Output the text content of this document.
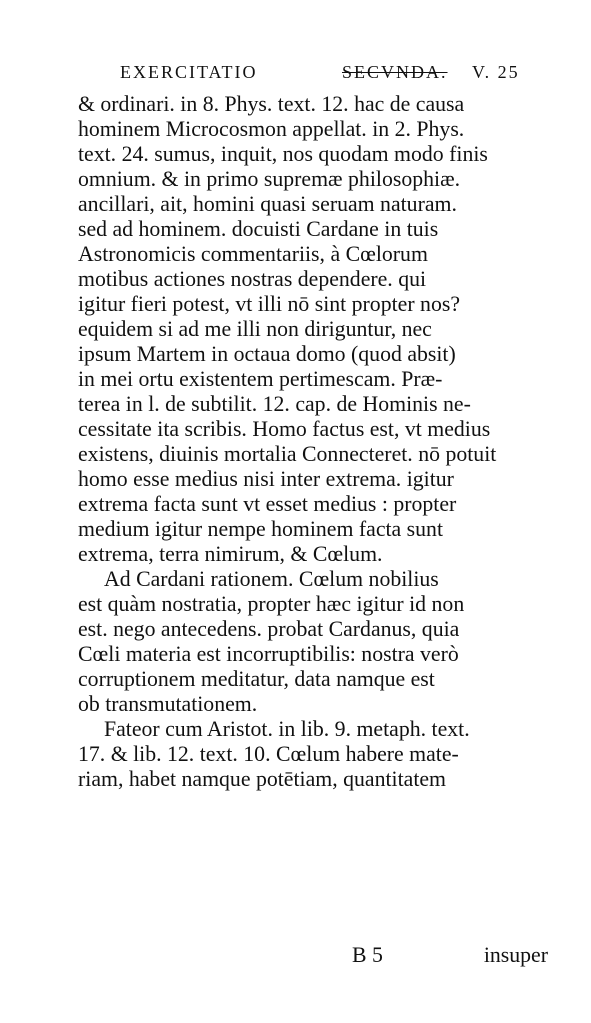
EXERCITATIO	SECVNDA. V. 25
& ordinari. in 8. Phys. text. 12. hac de causa
hominem Microcosmon appellat. in 2. Phys.
text. 24. sumus, inquit, nos quodam modo finis
omnium. & in primo supremæ philosophiæ.
ancillari, ait, homini quasi seruam naturam.
sed ad hominem. docuisti Cardane in tuis
Astronomicis commentariis, à Cœlorum
motibus actiones nostras dependere. qui
igitur fieri potest, vt illi nō sint propter nos?
equidem si ad me illi non diriguntur, nec
ipsum Martem in octaua domo (quod absit)
in mei ortu existentem pertimescam. Præ-
terea in l. de subtilit. 12. cap. de Hominis ne-
cessitate ita scribis. Homo factus est, vt medius
existens, diuinis mortalia Connecteret. nō potuit
homo esse medius nisi inter extrema. igitur
extrema facta sunt vt esset medius : propter
medium igitur nempe hominem facta sunt
extrema, terra nimirum, & Cœlum.
Ad Cardani rationem. Cœlum nobilius
est quàm nostratia, propter hæc igitur id non
est. nego antecedens. probat Cardanus, quia
Cœli materia est incorruptibilis: nostra verò
corruptionem meditatur, data namque est
ob transmutationem.
Fateor cum Aristot. in lib. 9. metaph. text.
17. & lib. 12. text. 10. Cœlum habere mate-
riam, habet namque potētiam, quantitatem
B 5	insuper
